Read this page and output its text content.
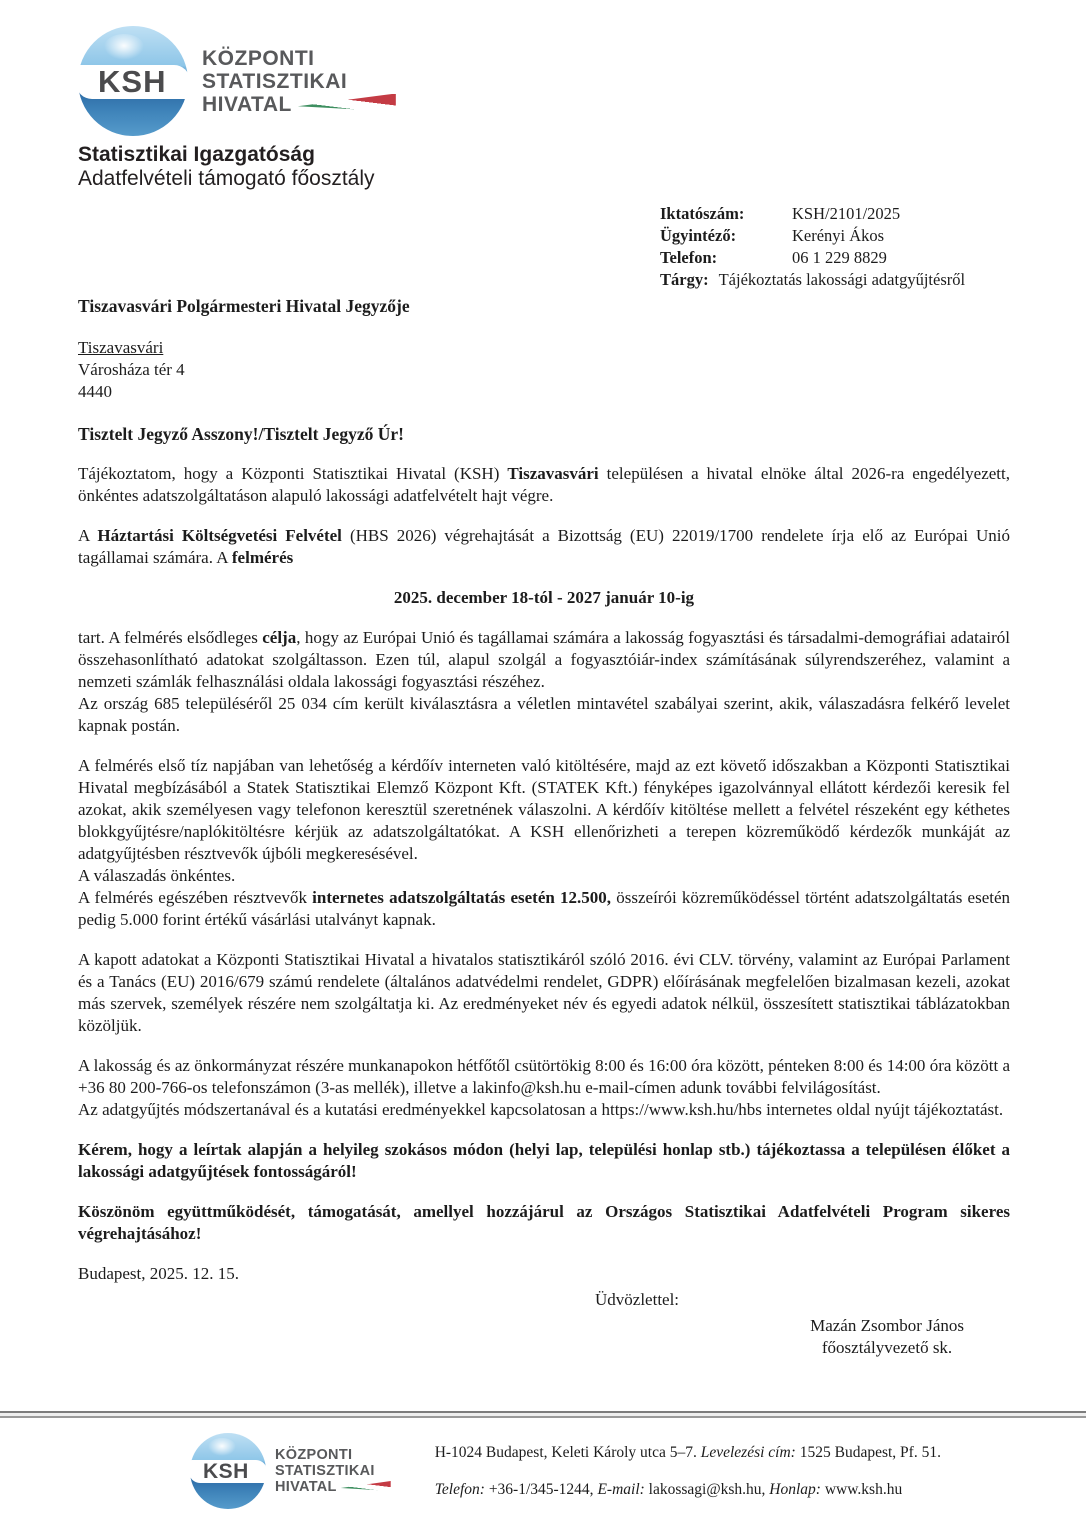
KSH
KÖZPONTI
STATISZTIKAI
HIVATAL
Statisztikai Igazgatóság
Adatfelvételi támogató főosztály
Iktatószám:	KSH/2101/2025
Ügyintéző:	Kerényi Ákos
Telefon:	06 1 229 8829
Tárgy: Tájékoztatás lakossági adatgyűjtésről
Tiszavasvári Polgármesteri Hivatal Jegyzője
Tiszavasvári
Városháza tér 4
4440

Tisztelt Jegyző Asszony!/Tisztelt Jegyző Úr!

Tájékoztatom, hogy a Központi Statisztikai Hivatal (KSH) Tiszavasvári településen a hivatal elnöke által 2026-ra engedélyezett, önkéntes adatszolgáltatáson alapuló lakossági adatfelvételt hajt végre.

A Háztartási Költségvetési Felvétel (HBS 2026) végrehajtását a Bizottság (EU) 22019/1700 rendelete írja elő az Európai Unió tagállamai számára. A felmérés

2025. december 18-tól - 2027 január 10-ig

tart. A felmérés elsődleges célja, hogy az Európai Unió és tagállamai számára a lakosság fogyasztási és társadalmi-demográfiai adatairól összehasonlítható adatokat szolgáltasson. Ezen túl, alapul szolgál a fogyasztóiár-index számításának súlyrendszeréhez, valamint a nemzeti számlák felhasználási oldala lakossági fogyasztási részéhez.

Az ország 685 településéről 25 034 cím került kiválasztásra a véletlen mintavétel szabályai szerint, akik, válaszadásra felkérő levelet kapnak postán.

A felmérés első tíz napjában van lehetőség a kérdőív interneten való kitöltésére, majd az ezt követő időszakban a Központi Statisztikai Hivatal megbízásából a Statek Statisztikai Elemző Központ Kft. (STATEK Kft.) fényképes igazolvánnyal ellátott kérdezői keresik fel azokat, akik személyesen vagy telefonon keresztül szeretnének válaszolni. A kérdőív kitöltése mellett a felvétel részeként egy kéthetes blokkgyűjtésre/naplókitöltésre kérjük az adatszolgáltatókat. A KSH ellenőrizheti a terepen közreműködő kérdezők munkáját az adatgyűjtésben résztvevők újbóli megkeresésével.

A válaszadás önkéntes.

A felmérés egészében résztvevők internetes adatszolgáltatás esetén 12.500, összeírói közreműködéssel történt adatszolgáltatás esetén pedig 5.000 forint értékű vásárlási utalványt kapnak.

A kapott adatokat a Központi Statisztikai Hivatal a hivatalos statisztikáról szóló 2016. évi CLV. törvény, valamint az Európai Parlament és a Tanács (EU) 2016/679 számú rendelete (általános adatvédelmi rendelet, GDPR) előírásának megfelelően bizalmasan kezeli, azokat más szervek, személyek részére nem szolgáltatja ki. Az eredményeket név és egyedi adatok nélkül, összesített statisztikai táblázatokban közöljük.

A lakosság és az önkormányzat részére munkanapokon hétfőtől csütörtökig 8:00 és 16:00 óra között, pénteken 8:00 és 14:00 óra között a +36 80 200-766-os telefonszámon (3-as mellék), illetve a lakinfo@ksh.hu e-mail-címen adunk további felvilágosítást.

Az adatgyűjtés módszertanával és a kutatási eredményekkel kapcsolatosan a https://www.ksh.hu/hbs internetes oldal nyújt tájékoztatást.

Kérem, hogy a leírtak alapján a helyileg szokásos módon (helyi lap, települési honlap stb.) tájékoztassa a településen élőket a lakossági adatgyűjtések fontosságáról!

Köszönöm együttműködését, támogatását, amellyel hozzájárul az Országos Statisztikai Adatfelvételi Program sikeres végrehajtásához!

Budapest, 2025. 12. 15.
Üdvözlettel:
Mazán Zsombor János
főosztályvezető sk.
KSH
KÖZPONTI
STATISZTIKAI
HIVATAL
H-1024 Budapest, Keleti Károly utca 5–7. Levelezési cím: 1525 Budapest, Pf. 51.
Telefon: +36-1/345-1244, E-mail: lakossagi@ksh.hu, Honlap: www.ksh.hu
